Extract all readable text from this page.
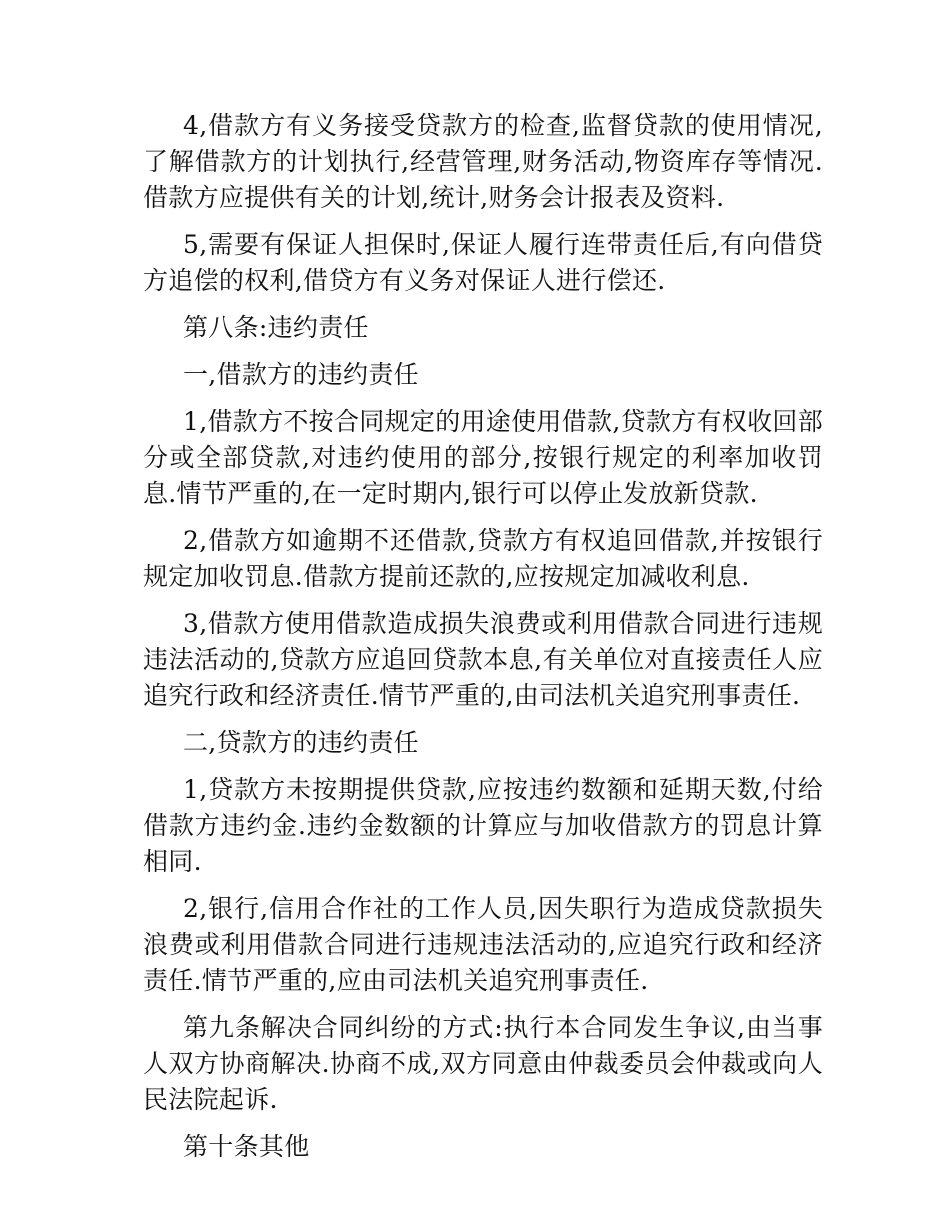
4,借款方有义务接受贷款方的检查,监督贷款的使用情况,了解借款方的计划执行,经营管理,财务活动,物资库存等情况.借款方应提供有关的计划,统计,财务会计报表及资料.

5,需要有保证人担保时,保证人履行连带责任后,有向借贷方追偿的权利,借贷方有义务对保证人进行偿还.

第八条:违约责任

一,借款方的违约责任

1,借款方不按合同规定的用途使用借款,贷款方有权收回部分或全部贷款,对违约使用的部分,按银行规定的利率加收罚息.情节严重的,在一定时期内,银行可以停止发放新贷款.

2,借款方如逾期不还借款,贷款方有权追回借款,并按银行规定加收罚息.借款方提前还款的,应按规定加减收利息.

3,借款方使用借款造成损失浪费或利用借款合同进行违规违法活动的,贷款方应追回贷款本息,有关单位对直接责任人应追究行政和经济责任.情节严重的,由司法机关追究刑事责任.

二,贷款方的违约责任

1,贷款方未按期提供贷款,应按违约数额和延期天数,付给借款方违约金.违约金数额的计算应与加收借款方的罚息计算相同.

2,银行,信用合作社的工作人员,因失职行为造成贷款损失浪费或利用借款合同进行违规违法活动的,应追究行政和经济责任.情节严重的,应由司法机关追究刑事责任.

第九条解决合同纠纷的方式:执行本合同发生争议,由当事人双方协商解决.协商不成,双方同意由仲裁委员会仲裁或向人民法院起诉.

第十条其他
